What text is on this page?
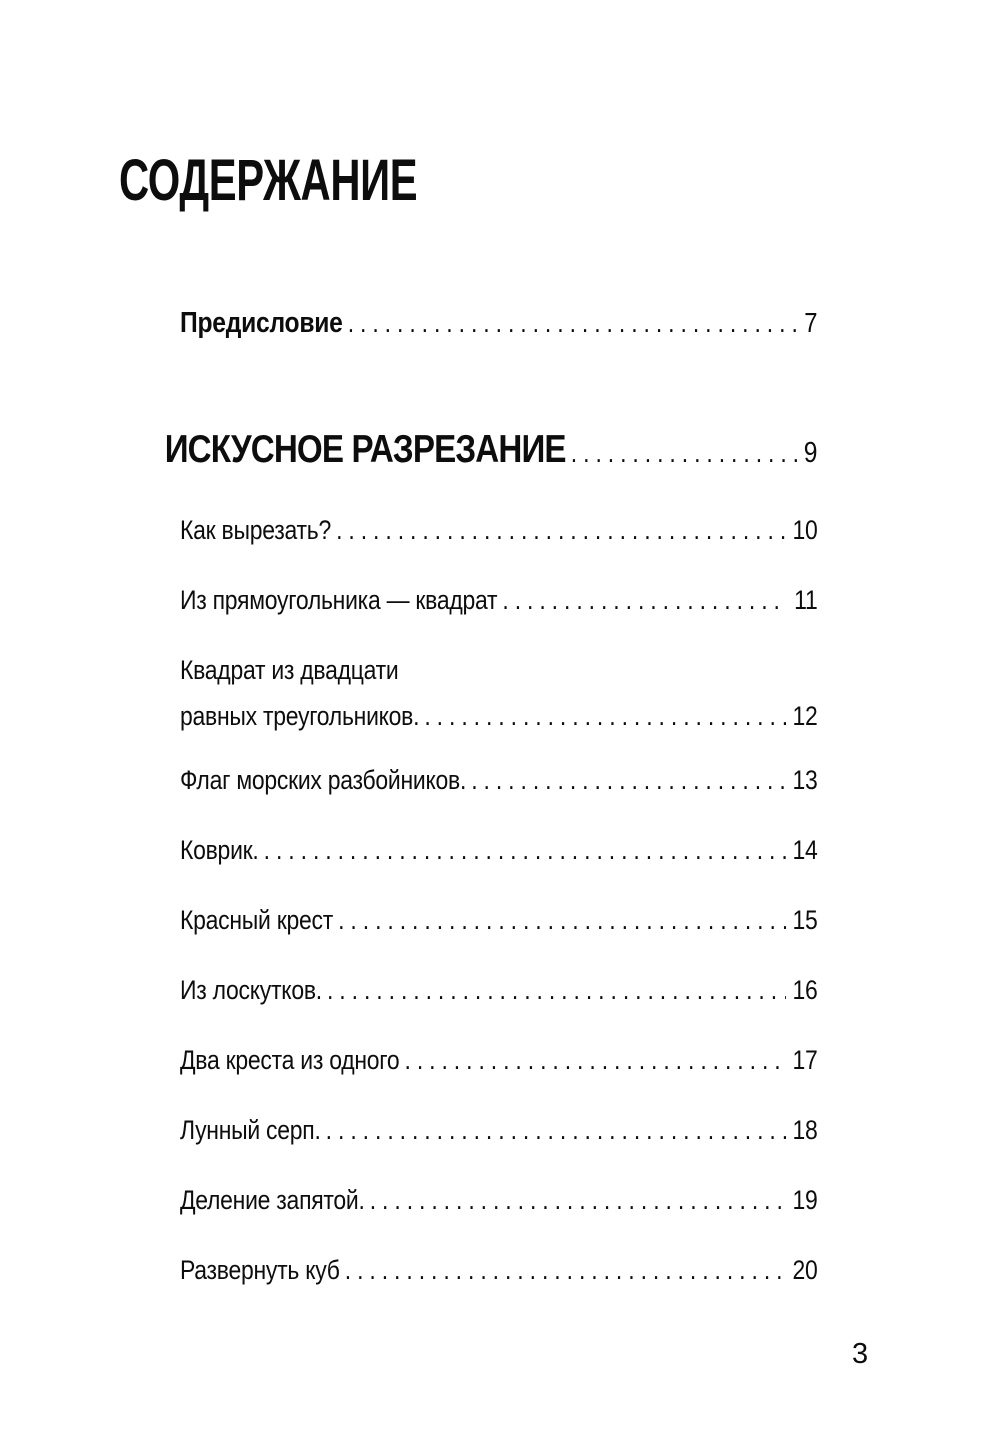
СОДЕРЖАНИЕ
Предисловие .....	7
ИСКУСНОЕ РАЗРЕЗАНИЕ .....	9
Как вырезать? .....	10
Из прямоугольника — квадрат .....	11
Квадрат из двадцати
равных треугольников. .....	12
Флаг морских разбойников. .....	13
Коврик. .....	14
Красный крест .....	15
Из лоскутков. .....	16
Два креста из одного .....	17
Лунный серп. .....	18
Деление запятой. .....	19
Развернуть куб .....	20
3
